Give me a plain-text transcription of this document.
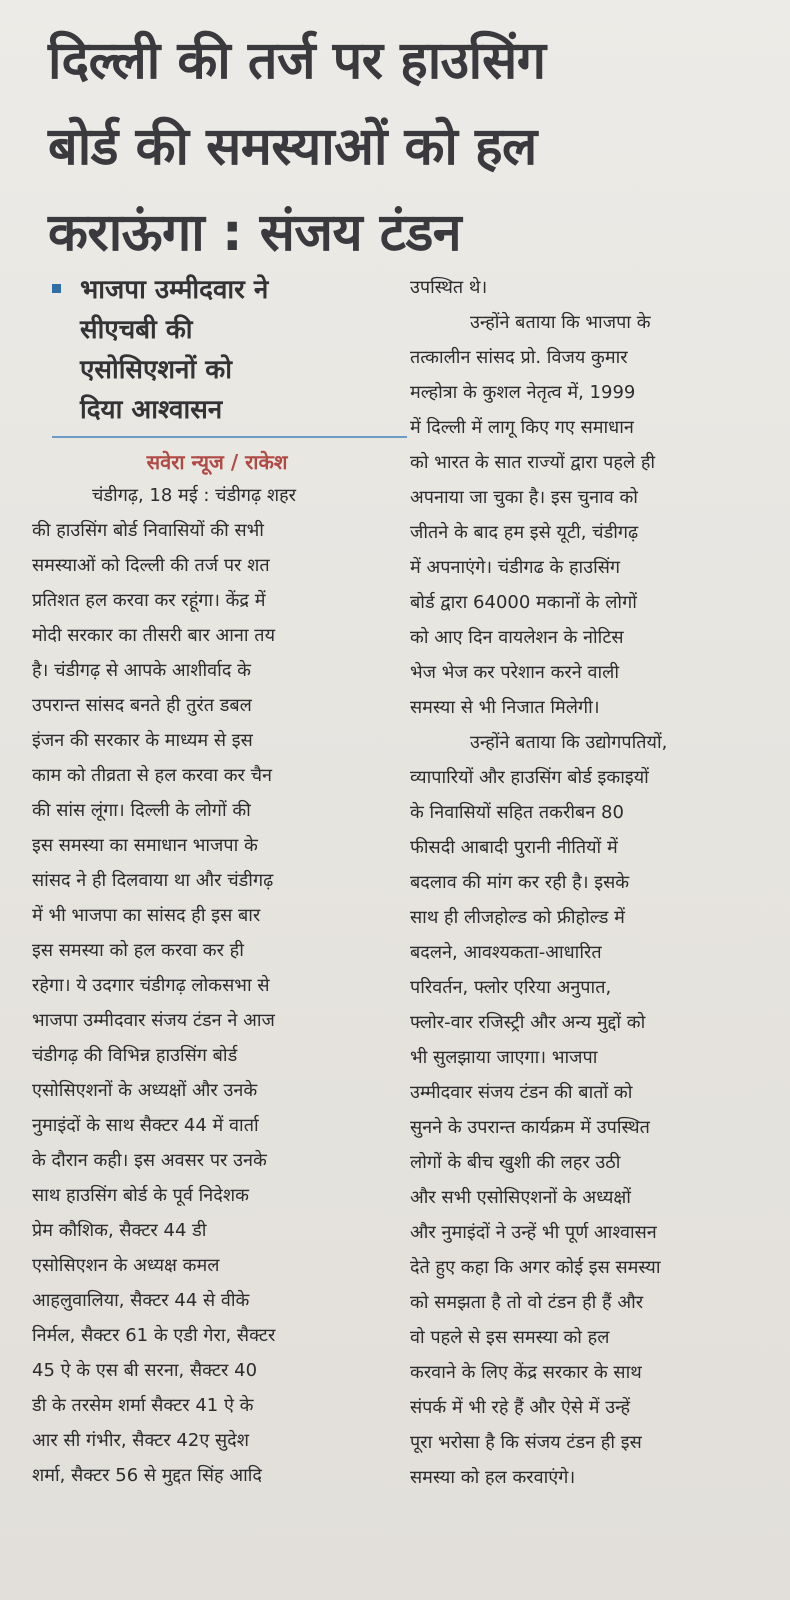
दिल्ली की तर्ज पर हाउसिंग
बोर्ड की समस्याओं को हल
कराऊंगा : संजय टंडन
भाजपा उम्मीदवार ने
सीएचबी की
एसोसिएशनों को
दिया आश्वासन
सवेरा न्यूज / राकेश
चंडीगढ़, 18 मई : चंडीगढ़ शहर
की हाउसिंग बोर्ड निवासियों की सभी
समस्याओं को दिल्ली की तर्ज पर शत
प्रतिशत हल करवा कर रहूंगा। केंद्र में
मोदी सरकार का तीसरी बार आना तय
है। चंडीगढ़ से आपके आशीर्वाद के
उपरान्त सांसद बनते ही तुरंत डबल
इंजन की सरकार के माध्यम से इस
काम को तीव्रता से हल करवा कर चैन
की सांस लूंगा। दिल्ली के लोगों की
इस समस्या का समाधान भाजपा के
सांसद ने ही दिलवाया था और चंडीगढ़
में भी भाजपा का सांसद ही इस बार
इस समस्या को हल करवा कर ही
रहेगा। ये उदगार चंडीगढ़ लोकसभा से
भाजपा उम्मीदवार संजय टंडन ने आज
चंडीगढ़ की विभिन्न हाउसिंग बोर्ड
एसोसिएशनों के अध्यक्षों और उनके
नुमाइंदों के साथ सैक्टर 44 में वार्ता
के दौरान कही। इस अवसर पर उनके
साथ हाउसिंग बोर्ड के पूर्व निदेशक
प्रेम कौशिक, सैक्टर 44 डी
एसोसिएशन के अध्यक्ष कमल
आहलुवालिया, सैक्टर 44 से वीके
निर्मल, सैक्टर 61 के एडी गेरा, सैक्टर
45 ऐ के एस बी सरना, सैक्टर 40
डी के तरसेम शर्मा सैक्टर 41 ऐ के
आर सी गंभीर, सैक्टर 42ए सुदेश
शर्मा, सैक्टर 56 से मुद्दत सिंह आदि
उपस्थित थे।
उन्होंने बताया कि भाजपा के
तत्कालीन सांसद प्रो. विजय कुमार
मल्होत्रा के कुशल नेतृत्व में, 1999
में दिल्ली में लागू किए गए समाधान
को भारत के सात राज्यों द्वारा पहले ही
अपनाया जा चुका है। इस चुनाव को
जीतने के बाद हम इसे यूटी, चंडीगढ़
में अपनाएंगे। चंडीगढ के हाउसिंग
बोर्ड द्वारा 64000 मकानों के लोगों
को आए दिन वायलेशन के नोटिस
भेज भेज कर परेशान करने वाली
समस्या से भी निजात मिलेगी।
उन्होंने बताया कि उद्योगपतियों,
व्यापारियों और हाउसिंग बोर्ड इकाइयों
के निवासियों सहित तकरीबन 80
फीसदी आबादी पुरानी नीतियों में
बदलाव की मांग कर रही है। इसके
साथ ही लीजहोल्ड को फ्रीहोल्ड में
बदलने, आवश्यकता-आधारित
परिवर्तन, फ्लोर एरिया अनुपात,
फ्लोर-वार रजिस्ट्री और अन्य मुद्दों को
भी सुलझाया जाएगा। भाजपा
उम्मीदवार संजय टंडन की बातों को
सुनने के उपरान्त कार्यक्रम में उपस्थित
लोगों के बीच खुशी की लहर उठी
और सभी एसोसिएशनों के अध्यक्षों
और नुमाइंदों ने उन्हें भी पूर्ण आश्वासन
देते हुए कहा कि अगर कोई इस समस्या
को समझता है तो वो टंडन ही हैं और
वो पहले से इस समस्या को हल
करवाने के लिए केंद्र सरकार के साथ
संपर्क में भी रहे हैं और ऐसे में उन्हें
पूरा भरोसा है कि संजय टंडन ही इस
समस्या को हल करवाएंगे।
